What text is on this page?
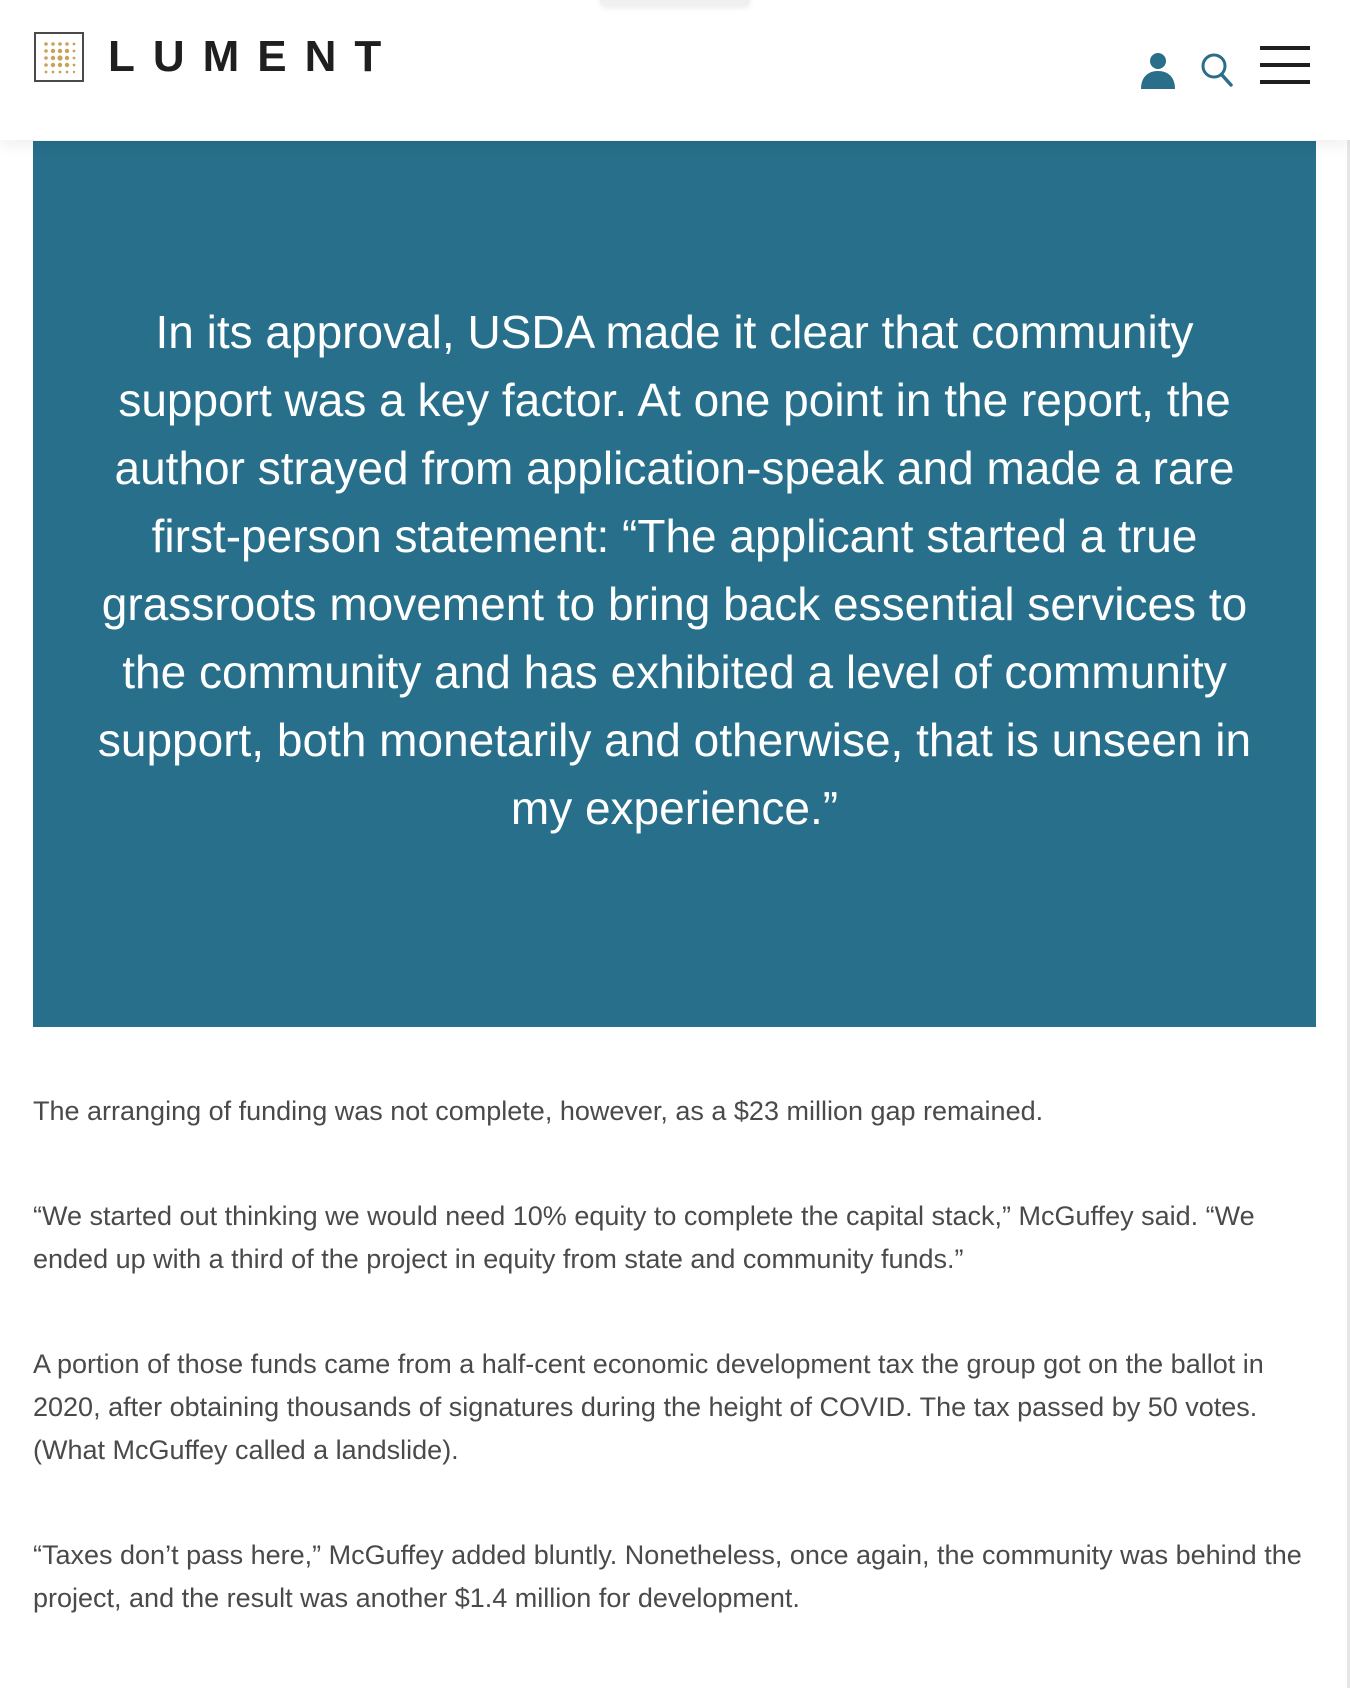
LUMENT

In its approval, USDA made it clear that community support was a key factor. At one point in the report, the author strayed from application-speak and made a rare first-person statement: “The applicant started a true grassroots movement to bring back essential services to the community and has exhibited a level of community support, both monetarily and otherwise, that is unseen in my experience.”

The arranging of funding was not complete, however, as a $23 million gap remained.

“We started out thinking we would need 10% equity to complete the capital stack,” McGuffey said. “We ended up with a third of the project in equity from state and community funds.”

A portion of those funds came from a half-cent economic development tax the group got on the ballot in 2020, after obtaining thousands of signatures during the height of COVID. The tax passed by 50 votes. (What McGuffey called a landslide).

“Taxes don’t pass here,” McGuffey added bluntly. Nonetheless, once again, the community was behind the project, and the result was another $1.4 million for development.
